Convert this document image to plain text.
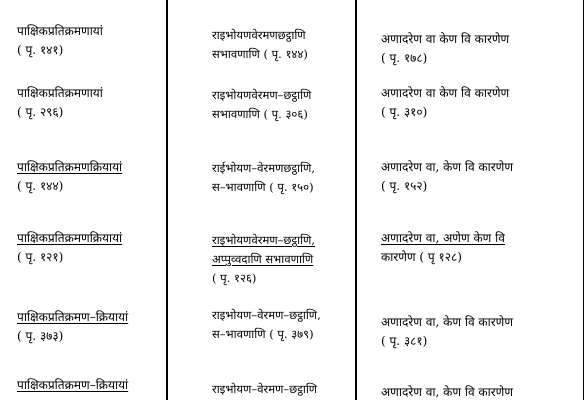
पाक्षिकप्रतिक्रमणायां
( पृ. १४१)
राइभोयणवेरमणछट्ठाणि
सभावणाणि ( पृ. १४४)
अणादरेण वा केण वि कारणेण
( पृ. १७८)
पाक्षिकप्रतिक्रमणायां
( पृ. २९६)
राइभोयणवेरमण–छट्ठाणि
सभावणाणि ( पृ. ३०६)
अणादरेण वा केण वि कारणेण
( पृ. ३१०)
पाक्षिकप्रतिक्रमणक्रियायां
( पृ. १४४)
राईभोयण–वेरमणछट्ठाणि,
स–भावणाणि ( पृ. १५०)
अणादरेण वा, केण वि कारणेण
( पृ. १५२)
पाक्षिकप्रतिक्रमणक्रियायां
( पृ. १२१)
राइभोयणवेरमण–छट्ठाणि,
अप्पुव्वदाणि सभावणाणि
( पृ. १२६)
अणादरेण वा, अणेण केण वि
कारणेण ( पृ १२८)
पाक्षिकप्रतिक्रमण–क्रियायां
( पृ. ३७३)
राइभोयण–वेरमण–छट्ठाणि,
स–भावणाणि ( पृ. ३७९)
अणादरेण वा, केण वि कारणेण
( पृ. ३८१)
पाक्षिकप्रतिक्रमण–क्रियायां	राइभोयण–वेरमण–छट्ठाणि	अणादरेण वा, केण वि कारणेण
